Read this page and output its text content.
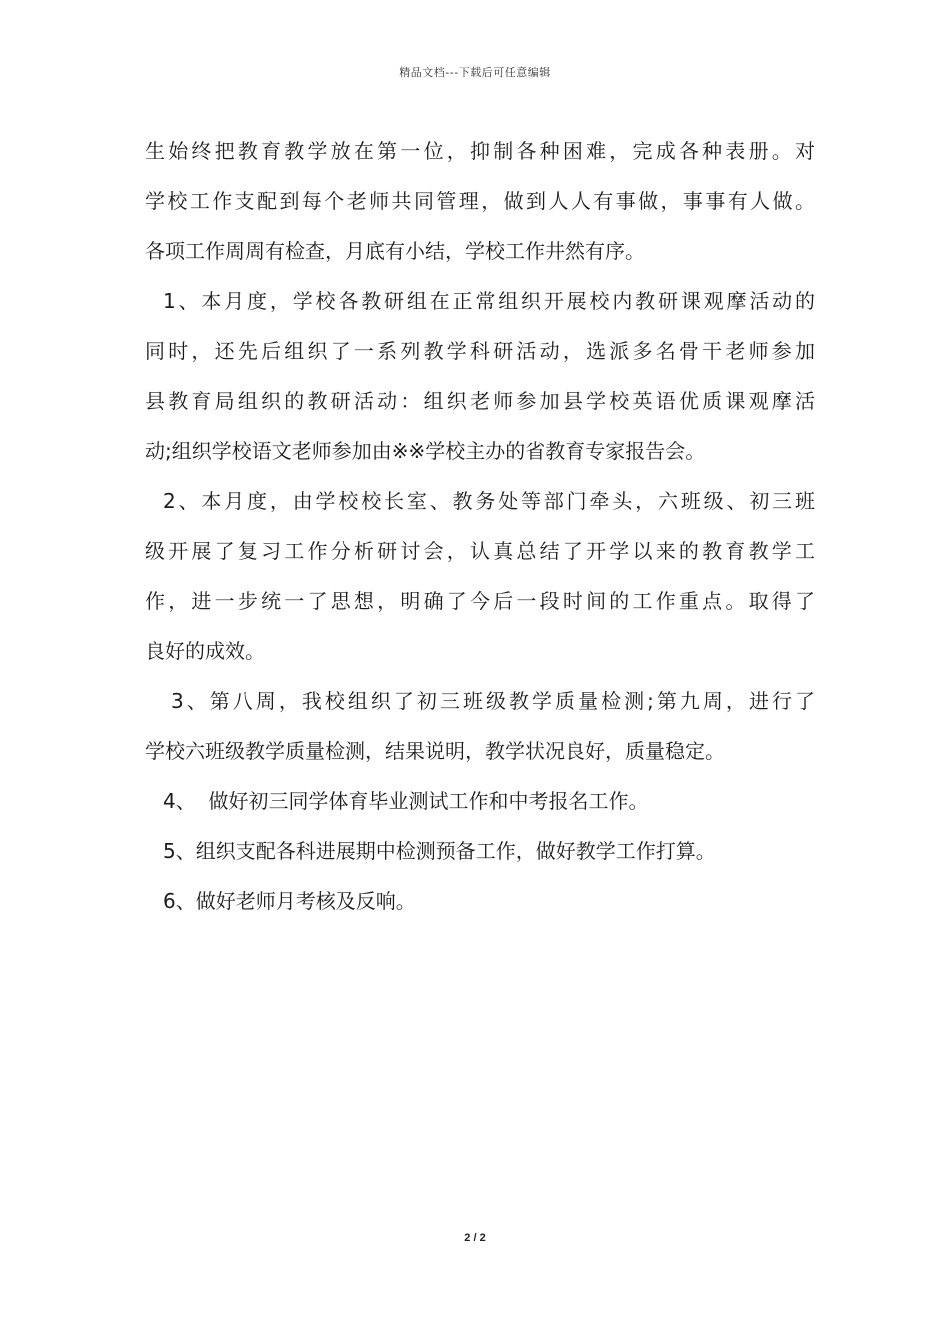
精品文档---下载后可任意编辑
生始终把教育教学放在第一位，抑制各种困难，完成各种表册。对
学校工作支配到每个老师共同管理，做到人人有事做，事事有人做。
各项工作周周有检查，月底有小结，学校工作井然有序。
1、本月度，学校各教研组在正常组织开展校内教研课观摩活动的
同时，还先后组织了一系列教学科研活动，选派多名骨干老师参加
县教育局组织的教研活动：组织老师参加县学校英语优质课观摩活
动;组织学校语文老师参加由※※学校主办的省教育专家报告会。
2、本月度，由学校校长室、教务处等部门牵头，六班级、初三班
级开展了复习工作分析研讨会，认真总结了开学以来的教育教学工
作，进一步统一了思想，明确了今后一段时间的工作重点。取得了
良好的成效。
3、第八周，我校组织了初三班级教学质量检测;第九周，进行了
学校六班级教学质量检测，结果说明，教学状况良好，质量稳定。
4、  做好初三同学体育毕业测试工作和中考报名工作。
5、组织支配各科进展期中检测预备工作，做好教学工作打算。
6、做好老师月考核及反响。
2 / 2
